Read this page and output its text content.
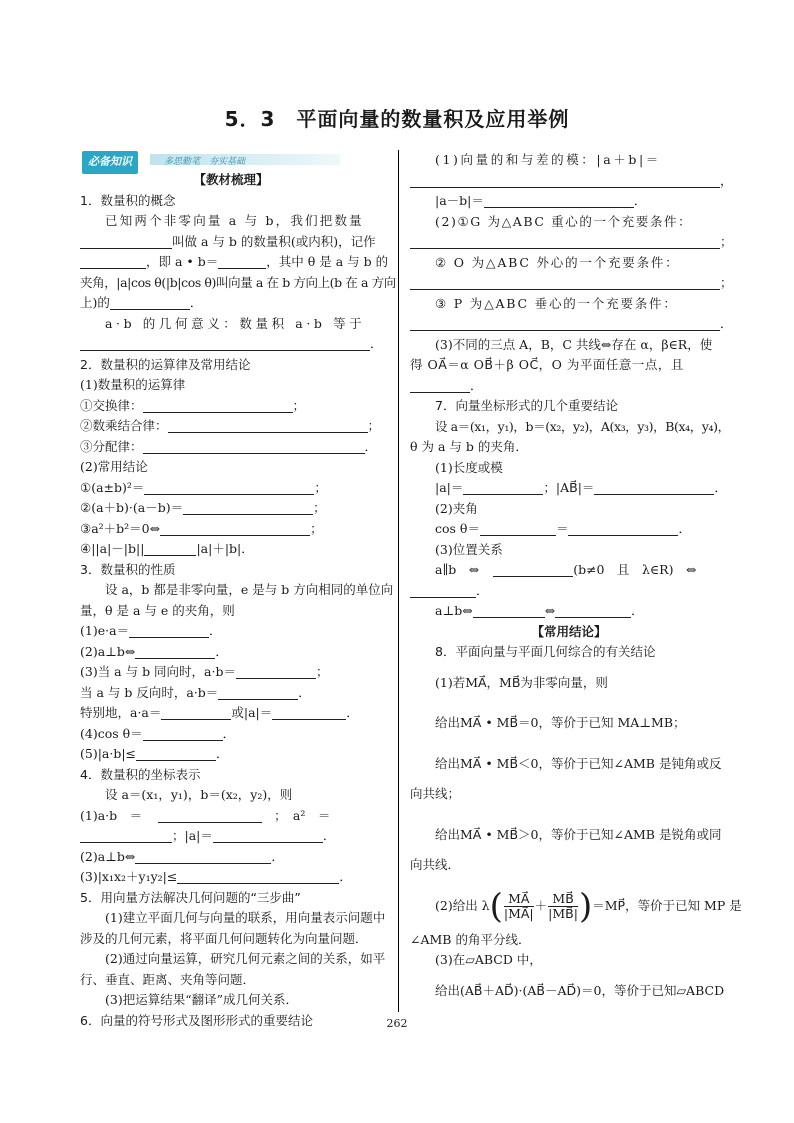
5．3　平面向量的数量积及应用举例
必备知识	多思勤笔　夯实基础
【教材梳理】
1．数量积的概念
已知两个非零向量 a 与 b，我们把数量
叫做 a 与 b 的数量积(或内积)，记作
，即 a • b＝	，其中 θ 是 a 与 b 的
夹角，|a|cos θ(|b|cos θ)叫向量 a 在 b 方向上(b 在 a 方向
上)的	．
a·b 的几何意义：数量积 a·b 等于
．
2．数量积的运算律及常用结论
(1)数量积的运算律
①交换律：	；
②数乘结合律：	；
③分配律：	．
(2)常用结论
①(a±b)²＝	；
②(a＋b)·(a－b)＝	；
③a²＋b²＝0⇔	；
④||a|－|b||	|a|＋|b|．
3．数量积的性质
设 a，b 都是非零向量，e 是与 b 方向相同的单位向
量，θ 是 a 与 e 的夹角，则
(1)e·a＝	．
(2)a⊥b⇔	．
(3)当 a 与 b 同向时，a·b＝	；
当 a 与 b 反向时，a·b＝	．
特别地，a·a＝	或|a|＝	．
(4)cos θ＝	．
(5)|a·b|≤	．
4．数量积的坐标表示
设 a＝(x₁，y₁)，b＝(x₂，y₂)，则
(1)a·b　＝	；　a²　＝
；|a|＝	．
(2)a⊥b⇔	．
(3)|x₁x₂＋y₁y₂|≤	．
5．用向量方法解决几何问题的“三步曲”
(1)建立平面几何与向量的联系，用向量表示问题中
涉及的几何元素，将平面几何问题转化为向量问题．
(2)通过向量运算，研究几何元素之间的关系，如平
行、垂直、距离、夹角等问题．
(3)把运算结果“翻译”成几何关系．
6．向量的符号形式及图形形式的重要结论
(1)向量的和与差的模：|a＋b|＝
，
|a－b|＝	．
(2)①G 为△ABC 重心的一个充要条件：
；
② O 为△ABC 外心的一个充要条件：
；
③ P 为△ABC 垂心的一个充要条件：
．
(3)不同的三点 A，B，C 共线⇔存在 α，β∈R，使
得 OA⃗＝α OB⃗＋β OC⃗，O 为平面任意一点，且
．
7．向量坐标形式的几个重要结论
设 a＝(x₁，y₁)，b＝(x₂，y₂)，A(x₃，y₃)，B(x₄，y₄)，
θ 为 a 与 b 的夹角．
(1)长度或模
|a|＝	；|AB⃗|＝	．
(2)夹角
cos θ＝	＝	．
(3)位置关系
a∥b　⇔	(b≠0　且　λ∈R)　⇔
．
a⊥b⇔	⇔	．
【常用结论】
8．平面向量与平面几何综合的有关结论
(1)若MA⃗，MB⃗为非零向量，则
给出MA⃗ • MB⃗＝0，等价于已知 MA⊥MB；
给出MA⃗ • MB⃗＜0，等价于已知∠AMB 是钝角或反
向共线；
给出MA⃗ • MB⃗＞0，等价于已知∠AMB 是锐角或同
向共线．
(2)给出 $\lambda( \frac{MA⃗}{|MA⃗|} + \frac{MB⃗}{|MB⃗|}$ )＝MP⃗，等价于已知 MP 是
∠AMB 的角平分线．
(3)在▱ABCD 中，
给出(AB⃗＋AD⃗)·(AB⃗－AD⃗)＝0，等价于已知▱ABCD
262
